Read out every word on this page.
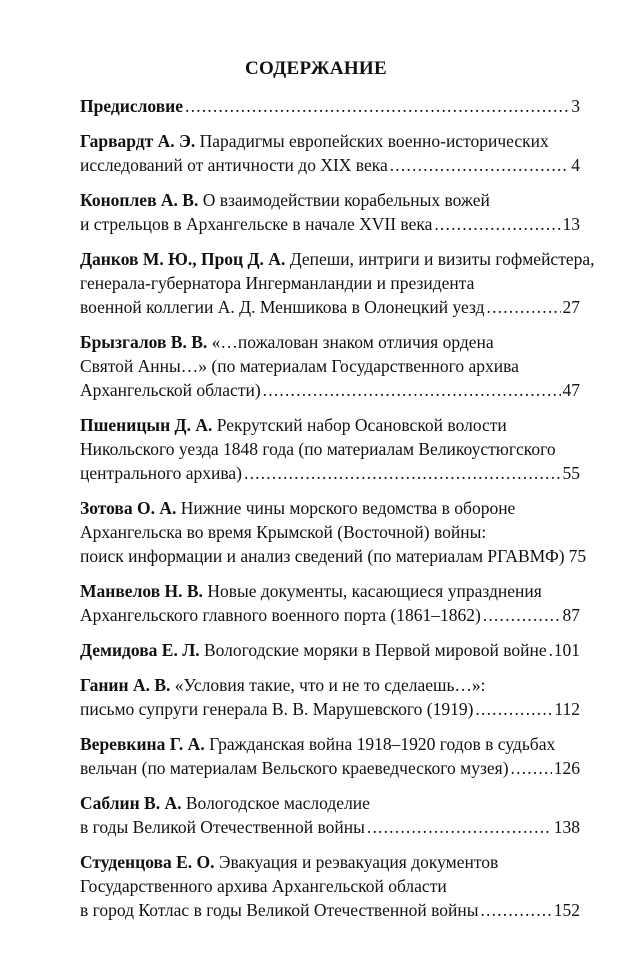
СОДЕРЖАНИЕ
Предисловие .....	3
Гарвардт А. Э. Парадигмы европейских военно-исторических
исследований от античности до XIX века .....	4
Коноплев А. В. О взаимодействии корабельных вожей
и стрельцов в Архангельске в начале XVII века .....	13
Данков М. Ю., Проц Д. А. Депеши, интриги и визиты гофмейстера,
генерала-губернатора Ингерманландии и президента
военной коллегии А. Д. Меншикова в Олонецкий уезд .....	27
Брызгалов В. В. «…пожалован знаком отличия ордена
Святой Анны…» (по материалам Государственного архива
Архангельской области) .....	47
Пшеницын Д. А. Рекрутский набор Осановской волости
Никольского уезда 1848 года (по материалам Великоустюгского
центрального архива) .....	55
Зотова О. А. Нижние чины морского ведомства в обороне
Архангельска во время Крымской (Восточной) войны:
поиск информации и анализ сведений (по материалам РГАВМФ) 75
Манвелов Н. В. Новые документы, касающиеся упразднения
Архангельского главного военного порта (1861–1862) .....	87
Демидова Е. Л. Вологодские моряки в Первой мировой войне ..... 101
Ганин А. В. «Условия такие, что и не то сделаешь…»:
письмо супруги генерала В. В. Марушевского (1919) .....	112
Веревкина Г. А. Гражданская война 1918–1920 годов в судьбах
вельчан (по материалам Вельского краеведческого музея) .....	126
Саблин В. А. Вологодское маслоделие
в годы Великой Отечественной войны .....	138
Студенцова Е. О. Эвакуация и реэвакуация документов
Государственного архива Архангельской области
в город Котлас в годы Великой Отечественной войны .....	152
